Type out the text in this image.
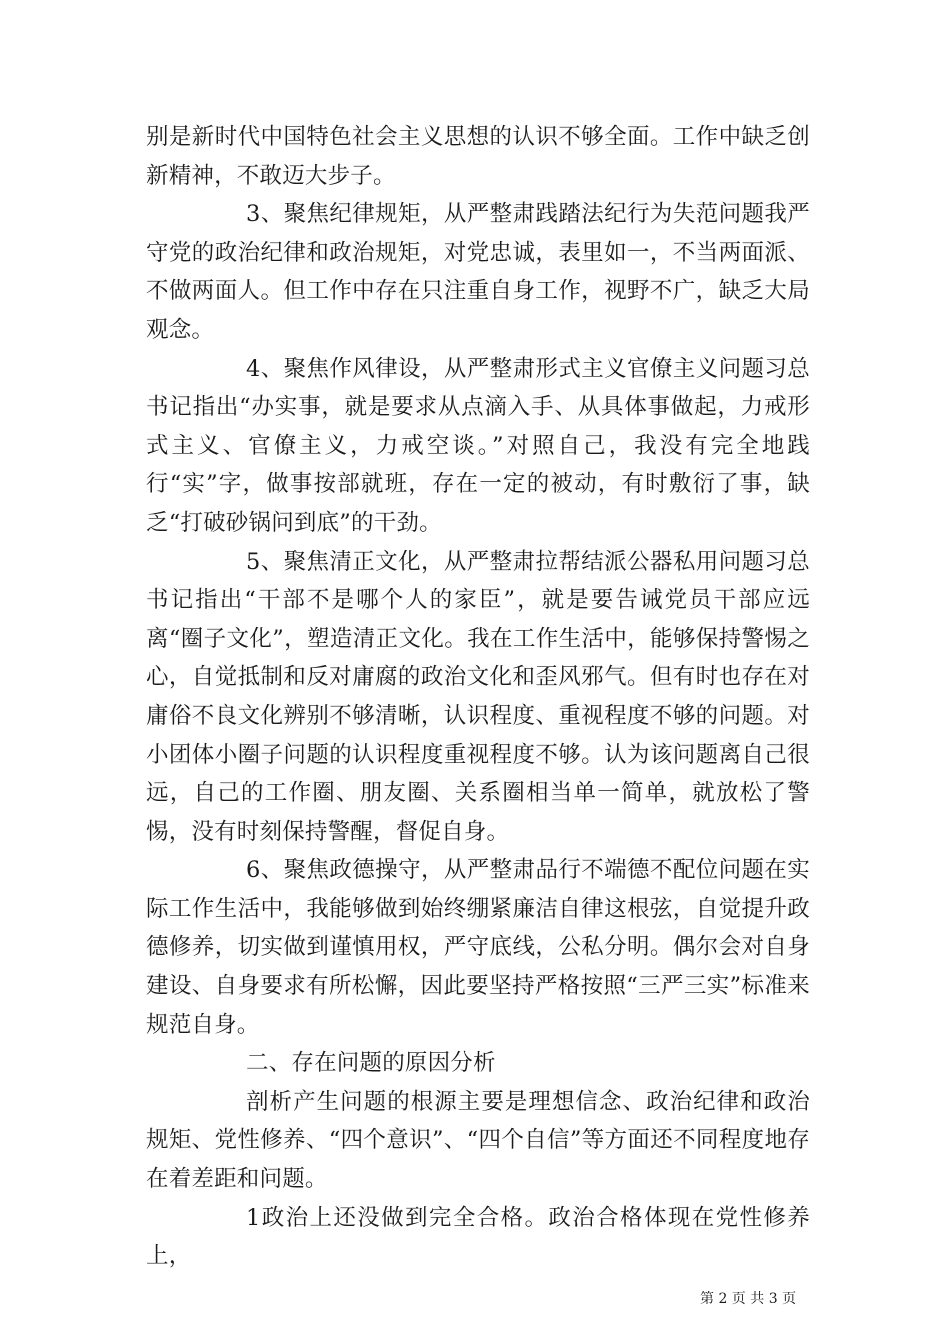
别是新时代中国特色社会主义思想的认识不够全面。工作中缺乏创新精神，不敢迈大步子。

3、聚焦纪律规矩，从严整肃践踏法纪行为失范问题我严守党的政治纪律和政治规矩，对党忠诚，表里如一，不当两面派、不做两面人。但工作中存在只注重自身工作，视野不广，缺乏大局观念。

4、聚焦作风律设，从严整肃形式主义官僚主义问题习总书记指出“办实事，就是要求从点滴入手、从具体事做起，力戒形式主义、官僚主义，力戒空谈。”对照自己，我没有完全地践行“实”字，做事按部就班，存在一定的被动，有时敷衍了事，缺乏“打破砂锅问到底”的干劲。

5、聚焦清正文化，从严整肃拉帮结派公器私用问题习总书记指出“干部不是哪个人的家臣”，就是要告诫党员干部应远离“圈子文化”，塑造清正文化。我在工作生活中，能够保持警惕之心，自觉抵制和反对庸腐的政治文化和歪风邪气。但有时也存在对庸俗不良文化辨别不够清晰，认识程度、重视程度不够的问题。对小团体小圈子问题的认识程度重视程度不够。认为该问题离自己很远，自己的工作圈、朋友圈、关系圈相当单一简单，就放松了警惕，没有时刻保持警醒，督促自身。

6、聚焦政德操守，从严整肃品行不端德不配位问题在实际工作生活中，我能够做到始终绷紧廉洁自律这根弦，自觉提升政德修养，切实做到谨慎用权，严守底线，公私分明。偶尔会对自身建设、自身要求有所松懈，因此要坚持严格按照“三严三实”标准来规范自身。

二、存在问题的原因分析

剖析产生问题的根源主要是理想信念、政治纪律和政治规矩、党性修养、“四个意识”、“四个自信”等方面还不同程度地存在着差距和问题。

1政治上还没做到完全合格。政治合格体现在党性修养上，

第 2 页 共 3 页
